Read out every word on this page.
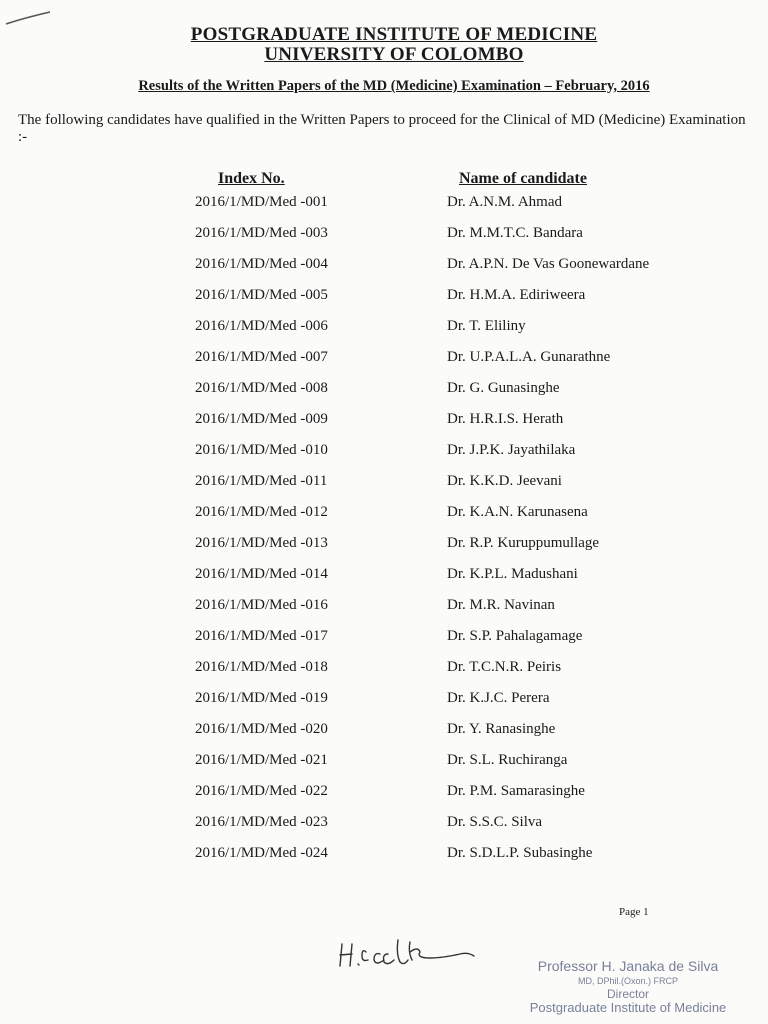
POSTGRADUATE INSTITUTE OF MEDICINE
UNIVERSITY OF COLOMBO
Results of the Written Papers of the MD (Medicine) Examination – February, 2016
The following candidates have qualified in the Written Papers to proceed for the Clinical of MD (Medicine) Examination :-
Index No.	Name of candidate
2016/1/MD/Med -001	Dr. A.N.M. Ahmad
2016/1/MD/Med -003	Dr. M.M.T.C. Bandara
2016/1/MD/Med -004	Dr. A.P.N. De Vas Goonewardane
2016/1/MD/Med -005	Dr. H.M.A. Ediriweera
2016/1/MD/Med -006	Dr. T. Eliliny
2016/1/MD/Med -007	Dr. U.P.A.L.A. Gunarathne
2016/1/MD/Med -008	Dr. G. Gunasinghe
2016/1/MD/Med -009	Dr. H.R.I.S. Herath
2016/1/MD/Med -010	Dr. J.P.K. Jayathilaka
2016/1/MD/Med -011	Dr. K.K.D. Jeevani
2016/1/MD/Med -012	Dr. K.A.N. Karunasena
2016/1/MD/Med -013	Dr. R.P. Kuruppumullage
2016/1/MD/Med -014	Dr. K.P.L. Madushani
2016/1/MD/Med -016	Dr. M.R. Navinan
2016/1/MD/Med -017	Dr. S.P. Pahalagamage
2016/1/MD/Med -018	Dr. T.C.N.R. Peiris
2016/1/MD/Med -019	Dr. K.J.C. Perera
2016/1/MD/Med -020	Dr. Y. Ranasinghe
2016/1/MD/Med -021	Dr. S.L. Ruchiranga
2016/1/MD/Med -022	Dr. P.M. Samarasinghe
2016/1/MD/Med -023	Dr. S.S.C. Silva
2016/1/MD/Med -024	Dr. S.D.L.P. Subasinghe
Page 1
Professor H. Janaka de Silva
MD, DPhil.(Oxon.) FRCP
Director
Postgraduate Institute of Medicine
